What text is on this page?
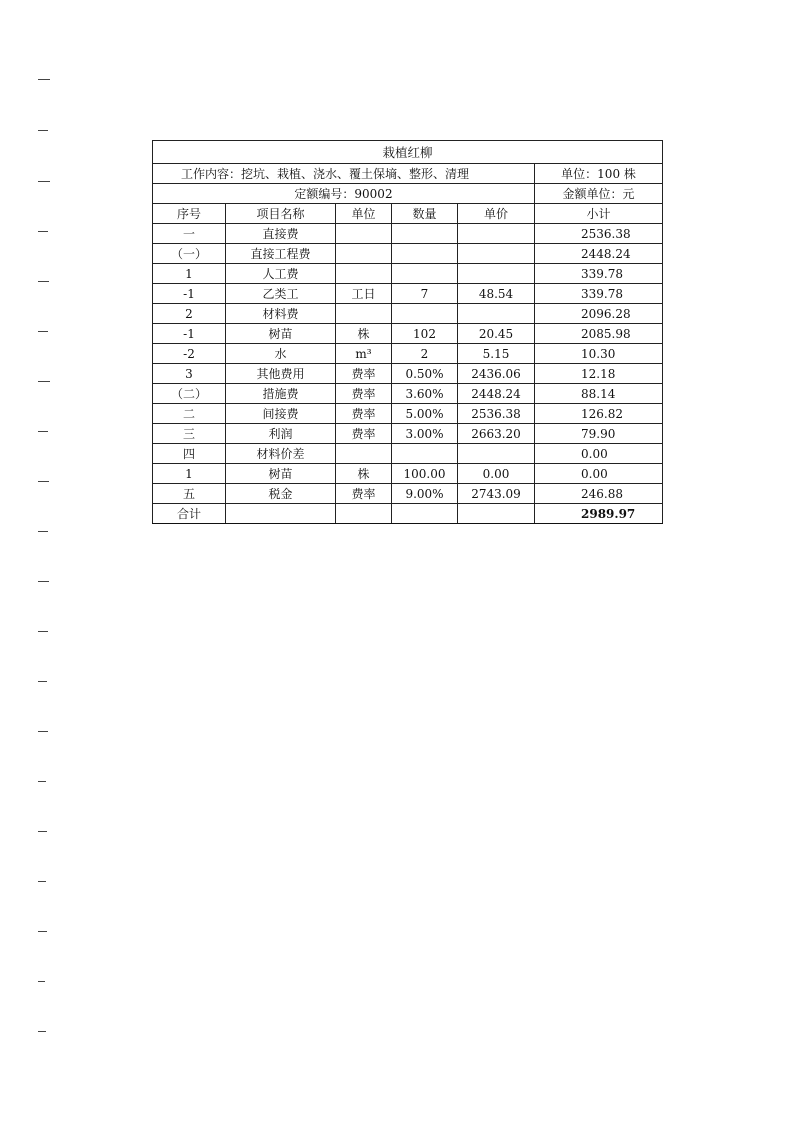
栽植红柳					
工作内容：挖坑、栽植、浇水、覆土保墒、整形、清理					单位：100 株
定额编号：90002					金额单位：元
序号	项目名称	单位	数量	单价	小计
一	直接费				2536.38
（一）	直接工程费				2448.24
1	人工费				339.78
-1	乙类工	工日	7	48.54	339.78
2	材料费				2096.28
-1	树苗	株	102	20.45	2085.98
-2	水	m³	2	5.15	10.30
3	其他费用	费率	0.50%	2436.06	12.18
（二）	措施费	费率	3.60%	2448.24	88.14
二	间接费	费率	5.00%	2536.38	126.82
三	利润	费率	3.00%	2663.20	79.90
四	材料价差				0.00
1	树苗	株	100.00	0.00	0.00
五	税金	费率	9.00%	2743.09	246.88
合计					2989.97
